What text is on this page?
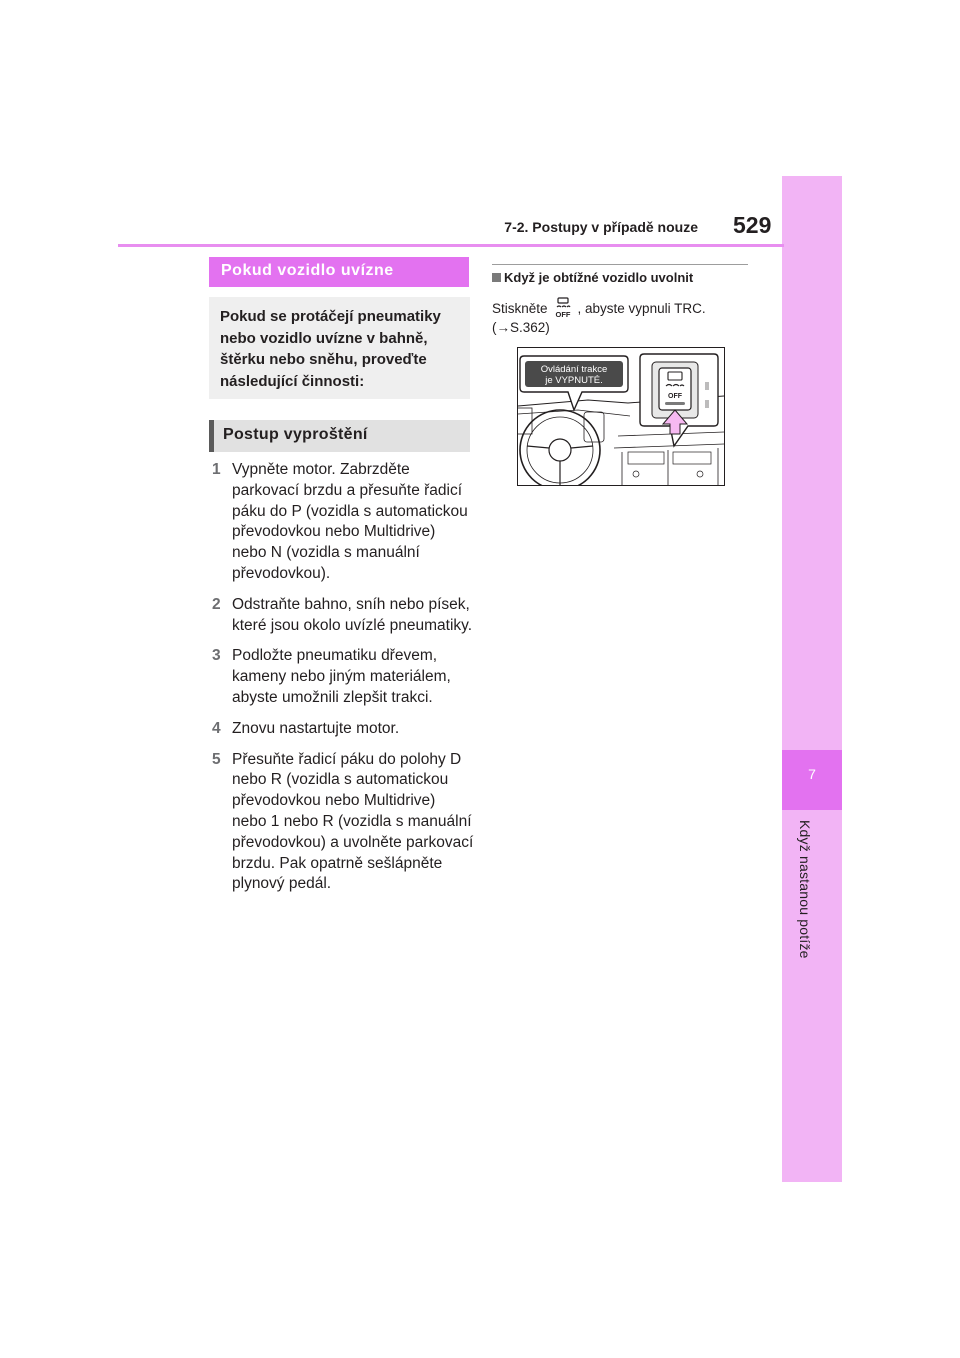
7
Když nastanou potíže
7-2. Postupy v případě nouze 529
Pokud vozidlo uvízne

Pokud se protáčejí pneumatiky nebo vozidlo uvízne v bahně, štěrku nebo sněhu, proveďte následující činnosti:

Postup vyproštění
1 Vypněte motor. Zabrzděte parkovací brzdu a přesuňte řadicí páku do P (vozidla s automatickou převodovkou nebo Multidrive) nebo N (vozidla s manuální převodovkou).
2 Odstraňte bahno, sníh nebo písek, které jsou okolo uvízlé pneumatiky.
3 Podložte pneumatiku dřevem, kameny nebo jiným materiálem, abyste umožnili zlepšit trakci.
4 Znovu nastartujte motor.
5 Přesuňte řadicí páku do polohy D nebo R (vozidla s automatickou převodovkou nebo Multidrive) nebo 1 nebo R (vozidla s manuální převodovkou) a uvolněte parkovací brzdu. Pak opatrně sešlápněte plynový pedál.
Když je obtížné vozidlo uvolnit
Stiskněte OFF , abyste vypnuli TRC.
(→S.362)
Ovládání trakce
je VYPNUTÉ.
OFF
